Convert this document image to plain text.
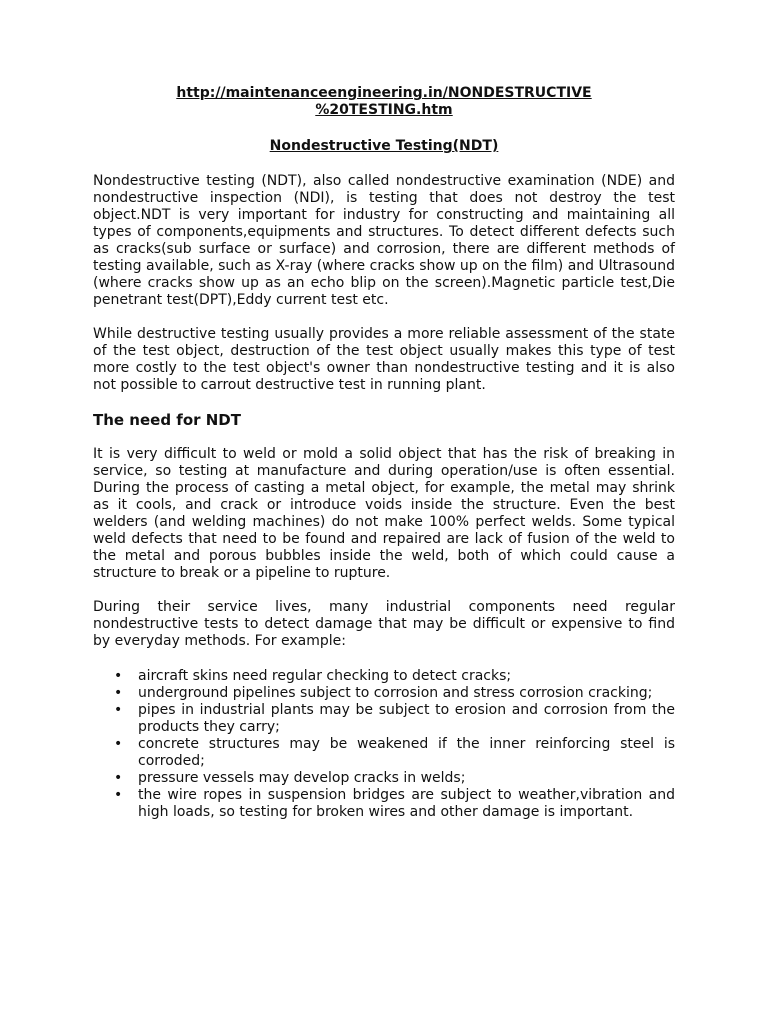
http://maintenanceengineering.in/NONDESTRUCTIVE
%20TESTING.htm
Nondestructive Testing(NDT)

Nondestructive testing (NDT), also called nondestructive examination (NDE) and nondestructive inspection (NDI), is testing that does not destroy the test object.NDT is very important for industry for constructing and maintaining all types of components,equipments and structures. To detect different defects such as cracks(sub surface or surface) and corrosion, there are different methods of testing available, such as X-ray (where cracks show up on the film) and Ultrasound (where cracks show up as an echo blip on the screen).Magnetic particle test,Die penetrant test(DPT),Eddy current test etc.

While destructive testing usually provides a more reliable assessment of the state of the test object, destruction of the test object usually makes this type of test more costly to the test object's owner than nondestructive testing and it is also not possible to carrout destructive test in running plant.

The need for NDT

It is very difficult to weld or mold a solid object that has the risk of breaking in service, so testing at manufacture and during operation/use is often essential. During the process of casting a metal object, for example, the metal may shrink as it cools, and crack or introduce voids inside the structure. Even the best welders (and welding machines) do not make 100% perfect welds. Some typical weld defects that need to be found and repaired are lack of fusion of the weld to the metal and porous bubbles inside the weld, both of which could cause a structure to break or a pipeline to rupture.

During their service lives, many industrial components need regular nondestructive tests to detect damage that may be difficult or expensive to find by everyday methods. For example:

• aircraft skins need regular checking to detect cracks;
• underground pipelines subject to corrosion and stress corrosion cracking;
• pipes in industrial plants may be subject to erosion and corrosion from the products they carry;
• concrete structures may be weakened if the inner reinforcing steel is corroded;
• pressure vessels may develop cracks in welds;
• the wire ropes in suspension bridges are subject to weather,vibration and high loads, so testing for broken wires and other damage is important.
